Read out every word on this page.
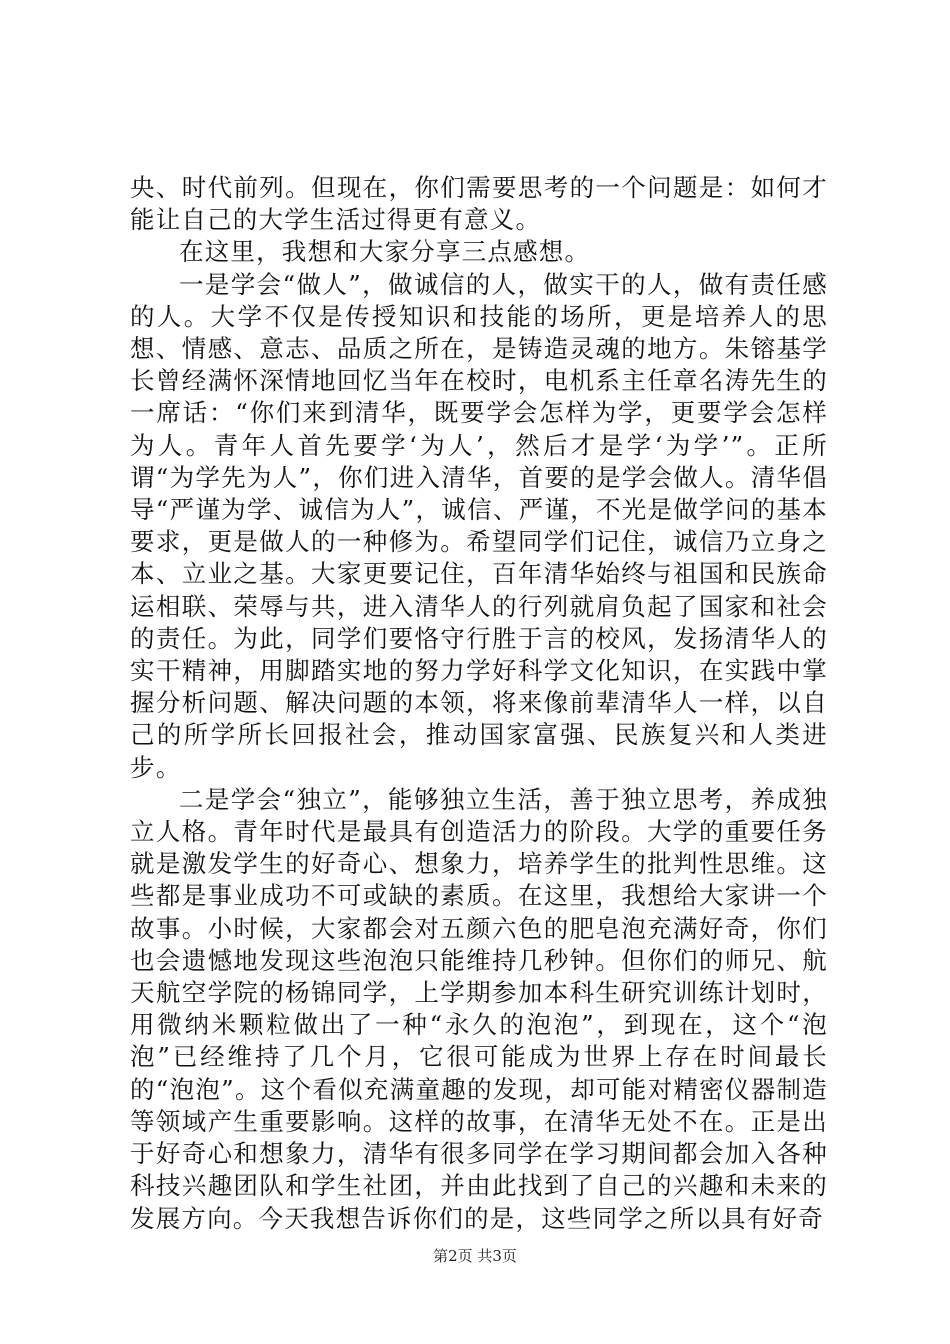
央、时代前列。但现在，你们需要思考的一个问题是：如何才能让自己的大学生活过得更有意义。

在这里，我想和大家分享三点感想。

一是学会“做人”，做诚信的人，做实干的人，做有责任感的人。大学不仅是传授知识和技能的场所，更是培养人的思想、情感、意志、品质之所在，是铸造灵魂的地方。朱镕基学长曾经满怀深情地回忆当年在校时，电机系主任章名涛先生的一席话：“你们来到清华，既要学会怎样为学，更要学会怎样为人。青年人首先要学‘为人’，然后才是学‘为学’”。正所谓“为学先为人”，你们进入清华，首要的是学会做人。清华倡导“严谨为学、诚信为人”，诚信、严谨，不光是做学问的基本要求，更是做人的一种修为。希望同学们记住，诚信乃立身之本、立业之基。大家更要记住，百年清华始终与祖国和民族命运相联、荣辱与共，进入清华人的行列就肩负起了国家和社会的责任。为此，同学们要恪守行胜于言的校风，发扬清华人的实干精神，用脚踏实地的努力学好科学文化知识，在实践中掌握分析问题、解决问题的本领，将来像前辈清华人一样，以自己的所学所长回报社会，推动国家富强、民族复兴和人类进步。

二是学会“独立”，能够独立生活，善于独立思考，养成独立人格。青年时代是最具有创造活力的阶段。大学的重要任务就是激发学生的好奇心、想象力，培养学生的批判性思维。这些都是事业成功不可或缺的素质。在这里，我想给大家讲一个故事。小时候，大家都会对五颜六色的肥皂泡充满好奇，你们也会遗憾地发现这些泡泡只能维持几秒钟。但你们的师兄、航天航空学院的杨锦同学，上学期参加本科生研究训练计划时，用微纳米颗粒做出了一种“永久的泡泡”，到现在，这个“泡泡”已经维持了几个月，它很可能成为世界上存在时间最长的“泡泡”。这个看似充满童趣的发现，却可能对精密仪器制造等领域产生重要影响。这样的故事，在清华无处不在。正是出于好奇心和想象力，清华有很多同学在学习期间都会加入各种科技兴趣团队和学生社团，并由此找到了自己的兴趣和未来的发展方向。今天我想告诉你们的是，这些同学之所以具有好奇

第2页 共3页
